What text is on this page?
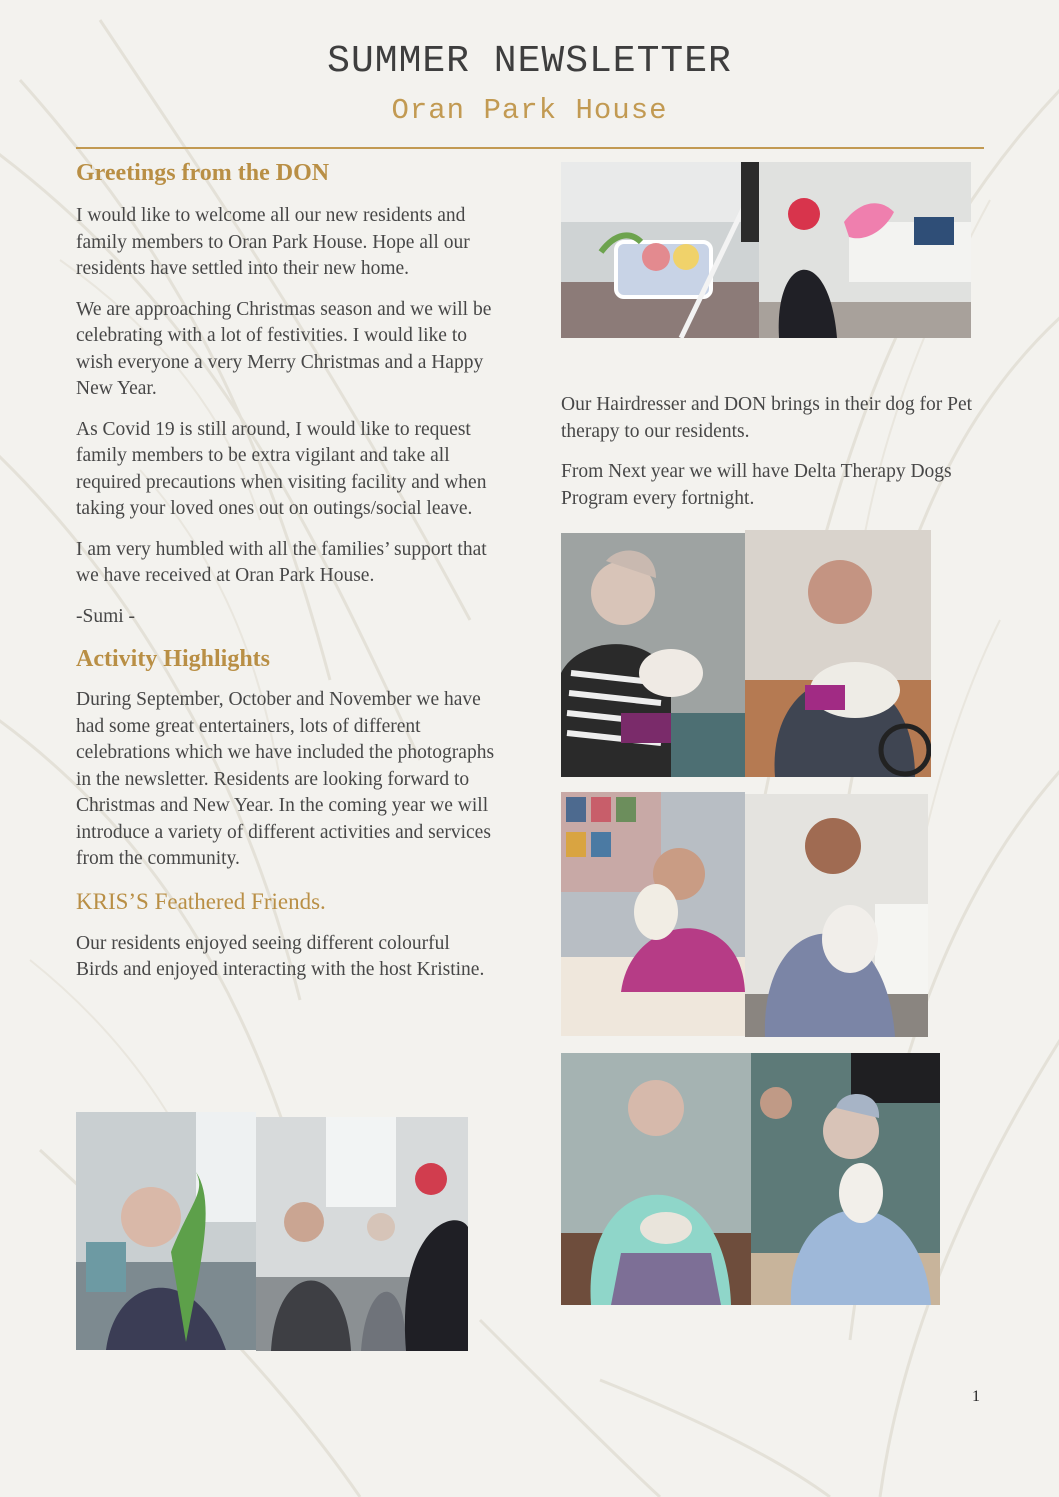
SUMMER NEWSLETTER
Oran Park House
Greetings from the DON

I would like to welcome all our new residents and family members to Oran Park House. Hope all our residents have settled into their new home.

We are approaching Christmas season and we will be celebrating with a lot of festivities. I would like to wish everyone a very Merry Christmas and a Happy New Year.

As Covid 19 is still around, I would like to request family members to be extra vigilant and take all required precautions when visiting facility and when taking your loved ones out on outings/social leave.

I am very humbled with all the families’ support that we have received at Oran Park House.

-Sumi -

Activity Highlights

During September, October and November we have had some great entertainers, lots of different celebrations which we have included the photographs in the newsletter. Residents are looking forward to Christmas and New Year. In the coming year we will introduce a variety of different activities and services from the community.

KRIS’S Feathered Friends.

Our residents enjoyed seeing different colourful Birds and enjoyed interacting with the host Kristine.

Our Hairdresser and DON brings in their dog for Pet therapy to our residents.

From Next year we will have Delta Therapy Dogs Program every fortnight.

1
